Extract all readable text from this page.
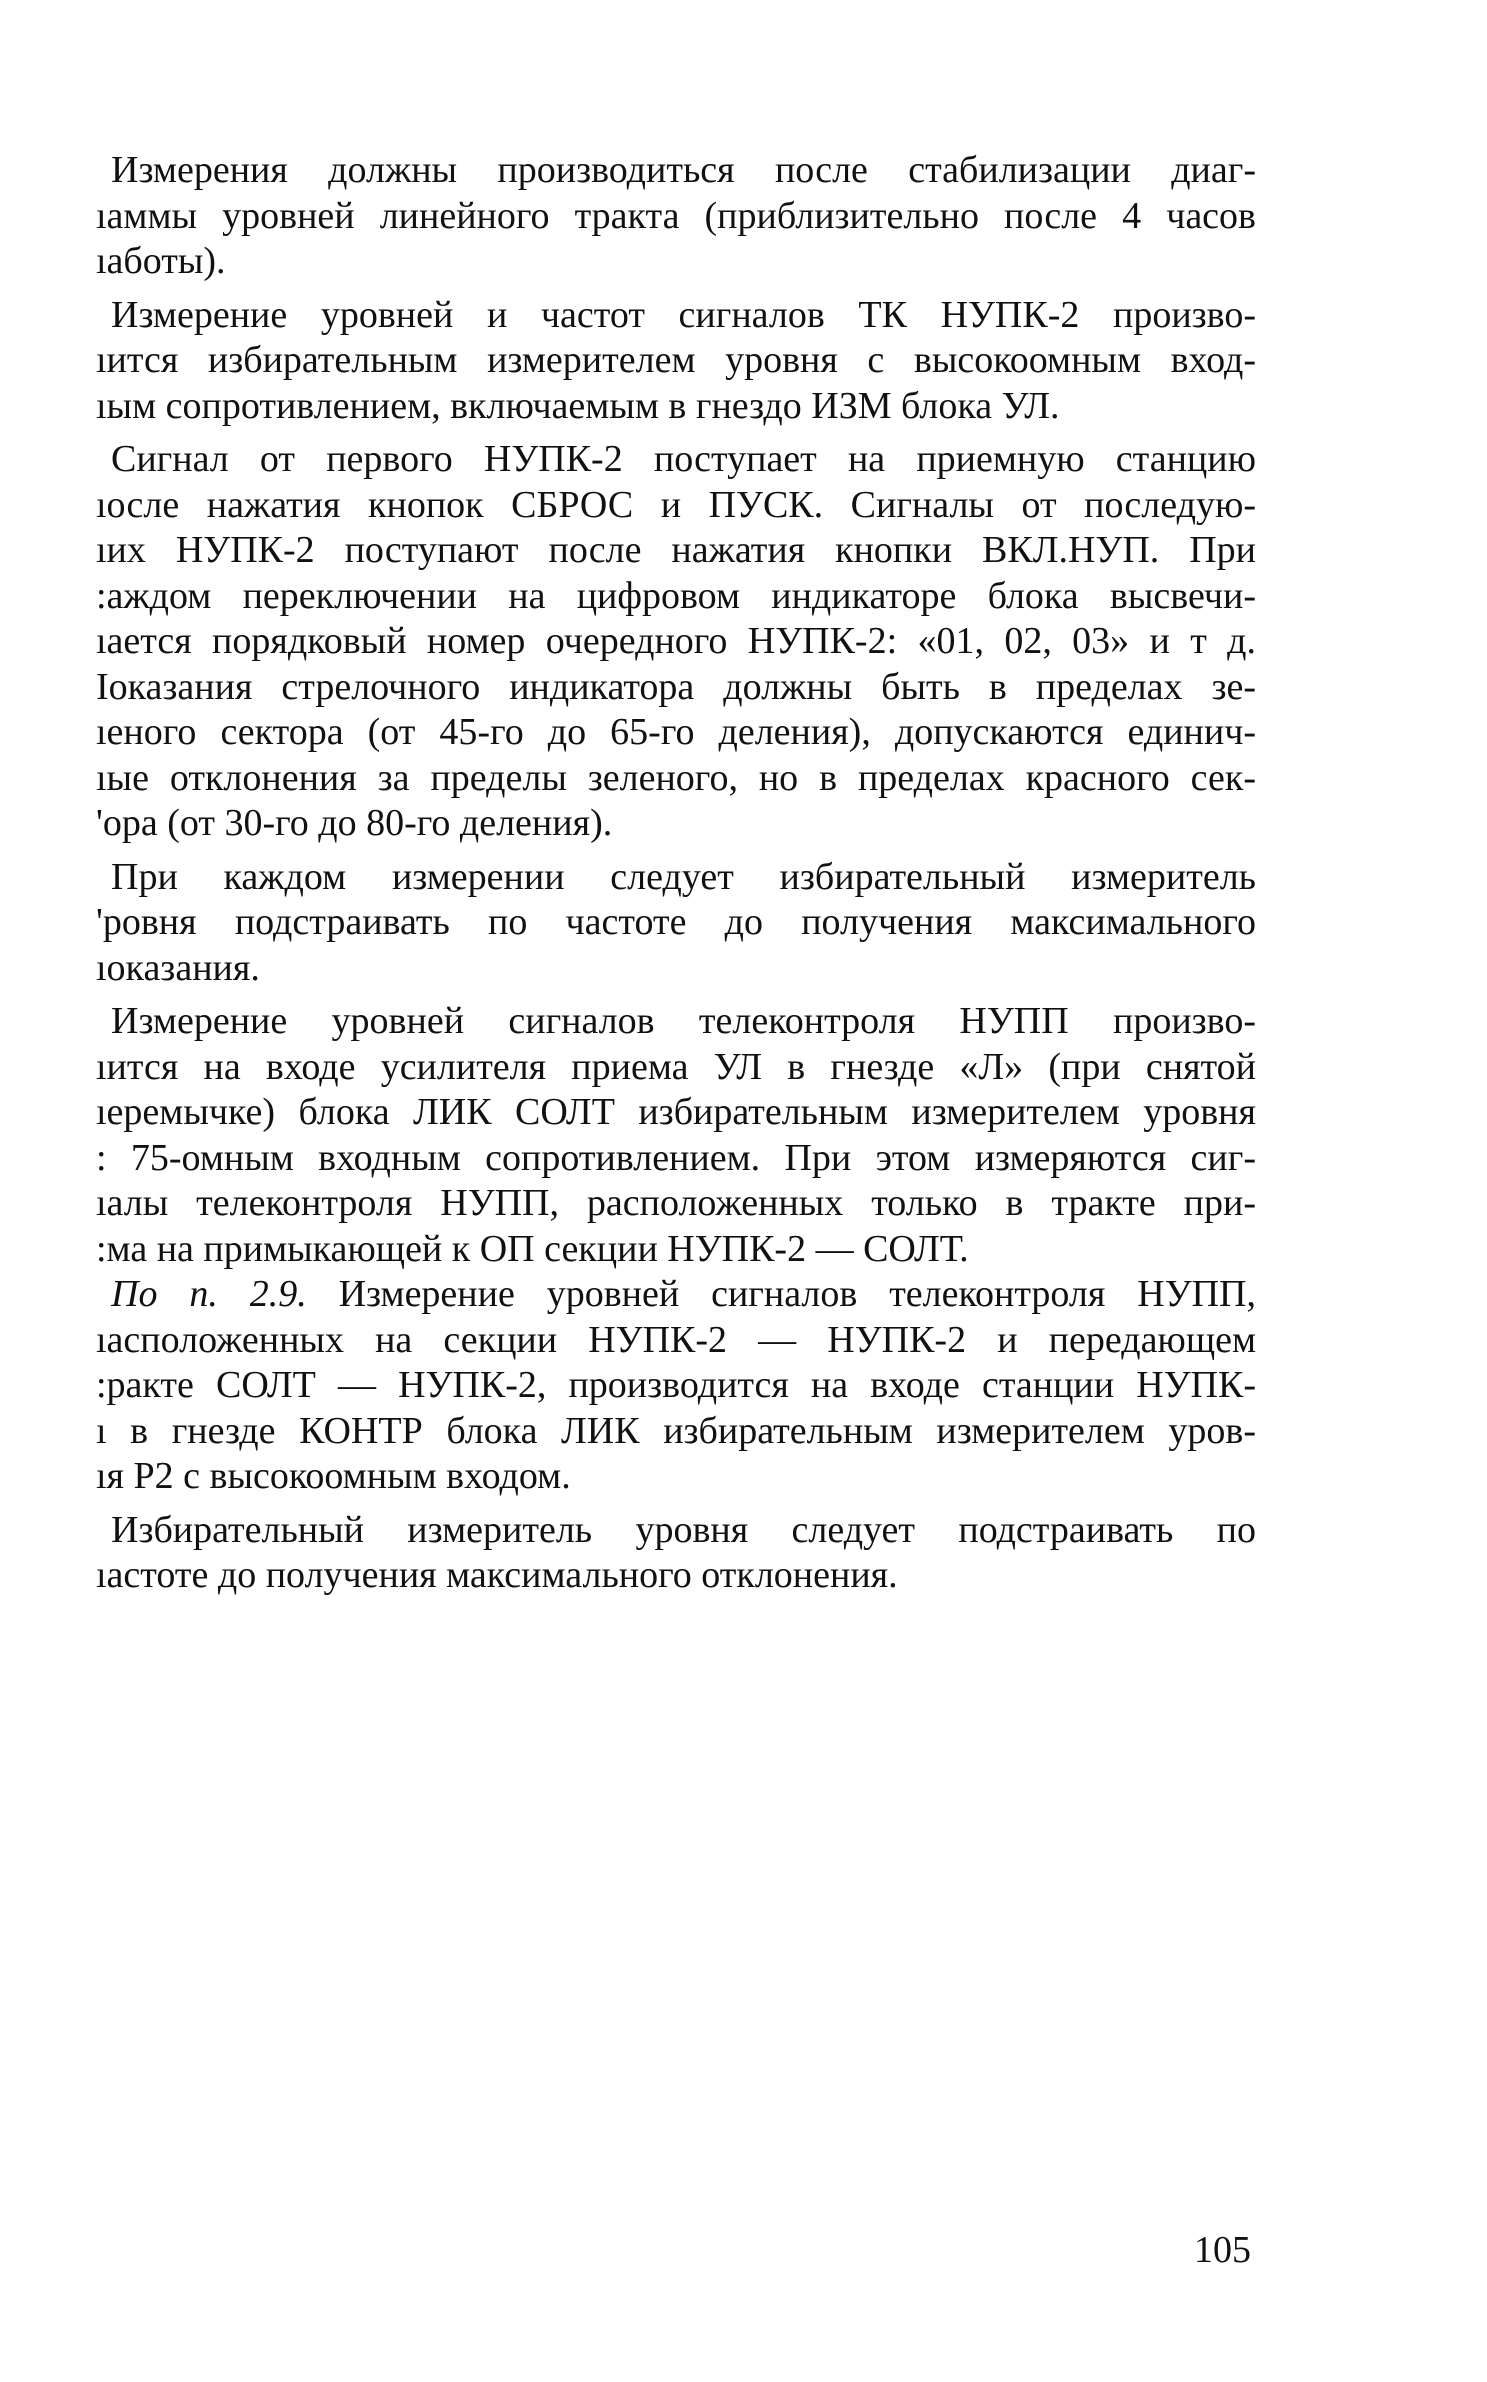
Измерения должны производиться после стабилизации диаг-
ıаммы уровней линейного тракта (приблизительно после 4 часов
ıаботы).
Измерение уровней и частот сигналов ТК НУПК-2 произво-
ıится избирательным измерителем уровня с высокоомным вход-
ıым сопротивлением, включаемым в гнездо ИЗМ блока УЛ.
Сигнал от первого НУПК-2 поступает на приемную станцию
ıосле нажатия кнопок СБРОС и ПУСК. Сигналы от последую-
ıих НУПК-2 поступают после нажатия кнопки ВКЛ.НУП. При
:аждом переключении на цифровом индикаторе блока высвечи-
ıается порядковый номер очередного НУПК-2: «01, 02, 03» и т д.
Іоказания стрелочного индикатора должны быть в пределах зе-
ıеного сектора (от 45-го до 65-го деления), допускаются единич-
ıые отклонения за пределы зеленого, но в пределах красного сек-
'ора (от 30-го до 80-го деления).
При каждом измерении следует избирательный измеритель
'ровня подстраивать по частоте до получения максимального
ıоказания.
Измерение уровней сигналов телеконтроля НУПП произво-
ıится на входе усилителя приема УЛ в гнезде «Л» (при снятой
ıеремычке) блока ЛИК СОЛТ избирательным измерителем уровня
: 75-омным входным сопротивлением. При этом измеряются сиг-
ıалы телеконтроля НУПП, расположенных только в тракте при-
:ма на примыкающей к ОП секции НУПК-2 — СОЛТ.
По п. 2.9. Измерение уровней сигналов телеконтроля НУПП,
ıасположенных на секции НУПК-2 — НУПК-2 и передающем
:ракте СОЛТ — НУПК-2, производится на входе станции НУПК-
ı в гнезде КОНТР блока ЛИК избирательным измерителем уров-
ıя Р2 с высокоомным входом.
Избирательный измеритель уровня следует подстраивать по
ıастоте до получения максимального отклонения.
105
